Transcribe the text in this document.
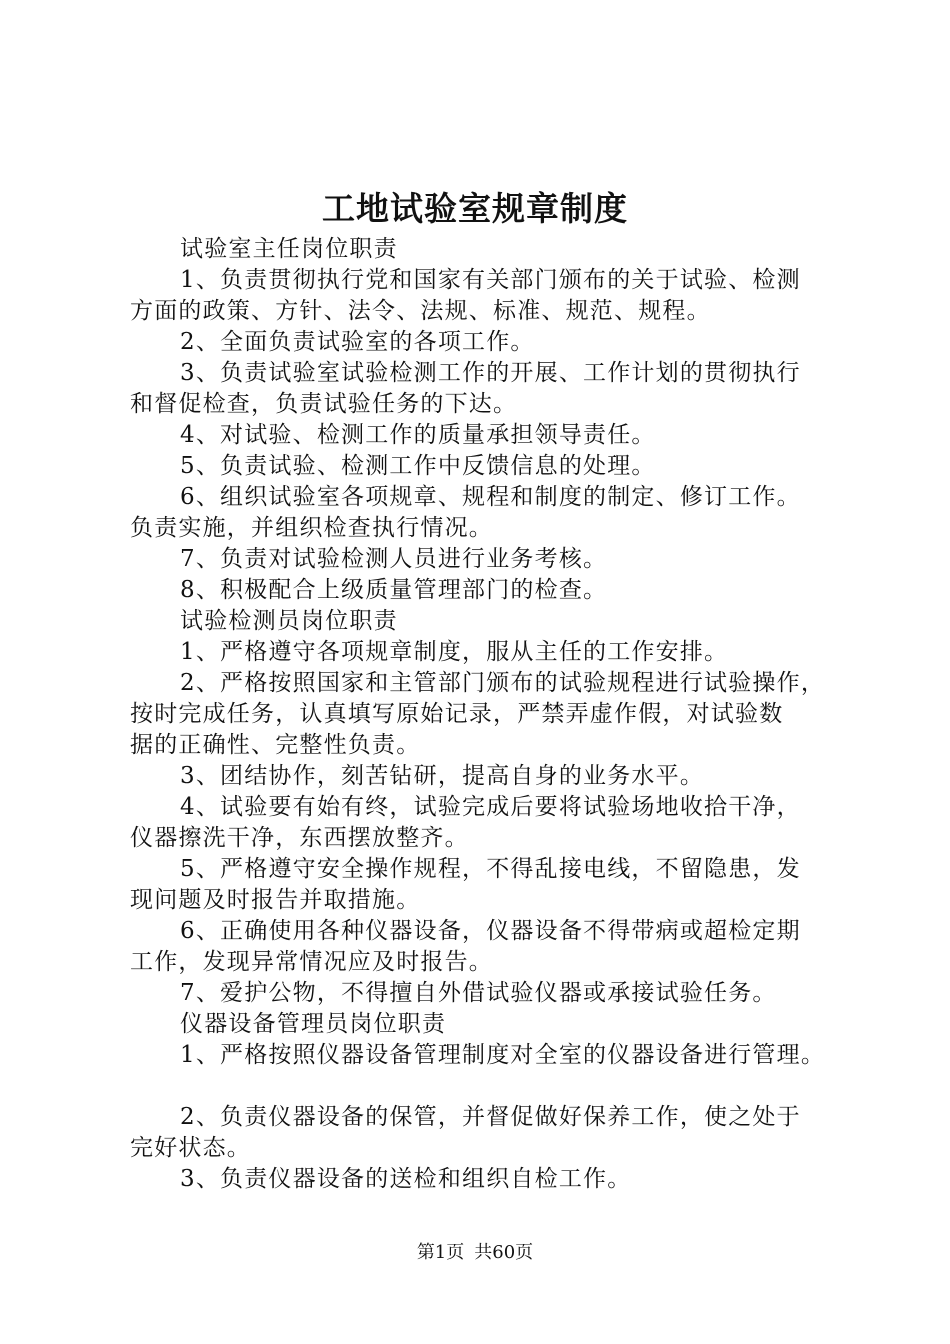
工地试验室规章制度
试验室主任岗位职责
1、负责贯彻执行党和国家有关部门颁布的关于试验、检测
方面的政策、方针、法令、法规、标准、规范、规程。
2、全面负责试验室的各项工作。
3、负责试验室试验检测工作的开展、工作计划的贯彻执行
和督促检查，负责试验任务的下达。
4、对试验、检测工作的质量承担领导责任。
5、负责试验、检测工作中反馈信息的处理。
6、组织试验室各项规章、规程和制度的制定、修订工作。
负责实施，并组织检查执行情况。
7、负责对试验检测人员进行业务考核。
8、积极配合上级质量管理部门的检查。
试验检测员岗位职责
1、严格遵守各项规章制度，服从主任的工作安排。
2、严格按照国家和主管部门颁布的试验规程进行试验操作，
按时完成任务，认真填写原始记录，严禁弄虚作假，对试验数
据的正确性、完整性负责。
3、团结协作，刻苦钻研，提高自身的业务水平。
4、试验要有始有终，试验完成后要将试验场地收拾干净，
仪器擦洗干净，东西摆放整齐。
5、严格遵守安全操作规程，不得乱接电线，不留隐患，发
现问题及时报告并取措施。
6、正确使用各种仪器设备，仪器设备不得带病或超检定期
工作，发现异常情况应及时报告。
7、爱护公物，不得擅自外借试验仪器或承接试验任务。
仪器设备管理员岗位职责
1、严格按照仪器设备管理制度对全室的仪器设备进行管理。
2、负责仪器设备的保管，并督促做好保养工作，使之处于
完好状态。
3、负责仪器设备的送检和组织自检工作。
第1页 共60页
